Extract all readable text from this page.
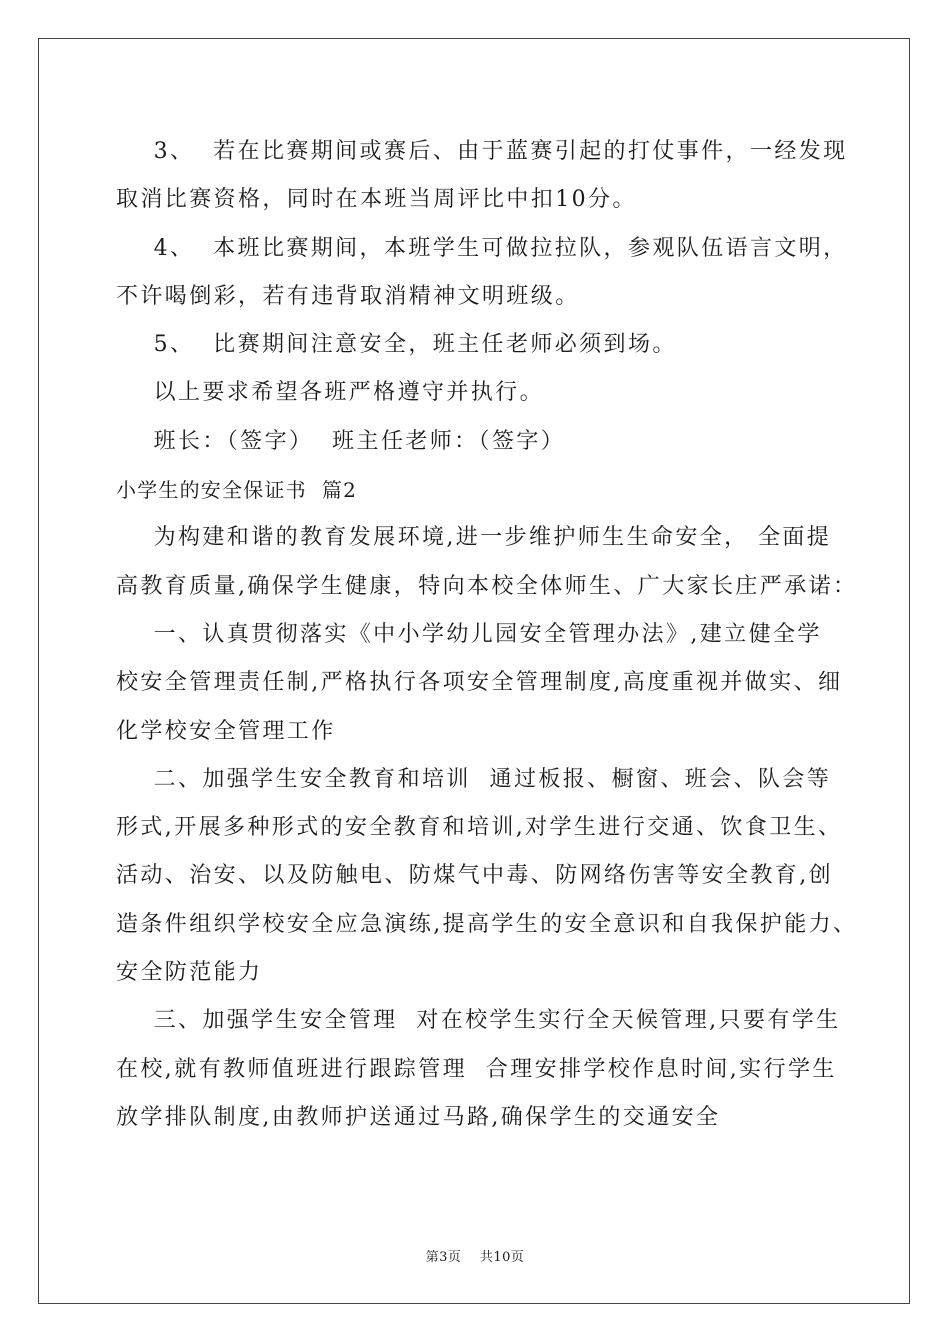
3、  若在比赛期间或赛后、由于蓝赛引起的打仗事件，一经发现

取消比赛资格，同时在本班当周评比中扣10分。

4、  本班比赛期间，本班学生可做拉拉队，参观队伍语言文明，

不许喝倒彩，若有违背取消精神文明班级。

5、  比赛期间注意安全，班主任老师必须到场。

以上要求希望各班严格遵守并执行。

班长：（签字）  班主任老师：（签字）

小学生的安全保证书  篇2

为构建和谐的教育发展环境,进一步维护师生生命安全， 全面提

高教育质量,确保学生健康，特向本校全体师生、广大家长庄严承诺：

一、认真贯彻落实《中小学幼儿园安全管理办法》,建立健全学

校安全管理责任制,严格执行各项安全管理制度,高度重视并做实、细

化学校安全管理工作

二、加强学生安全教育和培训  通过板报、橱窗、班会、队会等

形式,开展多种形式的安全教育和培训,对学生进行交通、饮食卫生、

活动、治安、以及防触电、防煤气中毒、防网络伤害等安全教育,创

造条件组织学校安全应急演练,提高学生的安全意识和自我保护能力、

安全防范能力

三、加强学生安全管理  对在校学生实行全天候管理,只要有学生

在校,就有教师值班进行跟踪管理  合理安排学校作息时间,实行学生

放学排队制度,由教师护送通过马路,确保学生的交通安全

第3页    共10页
